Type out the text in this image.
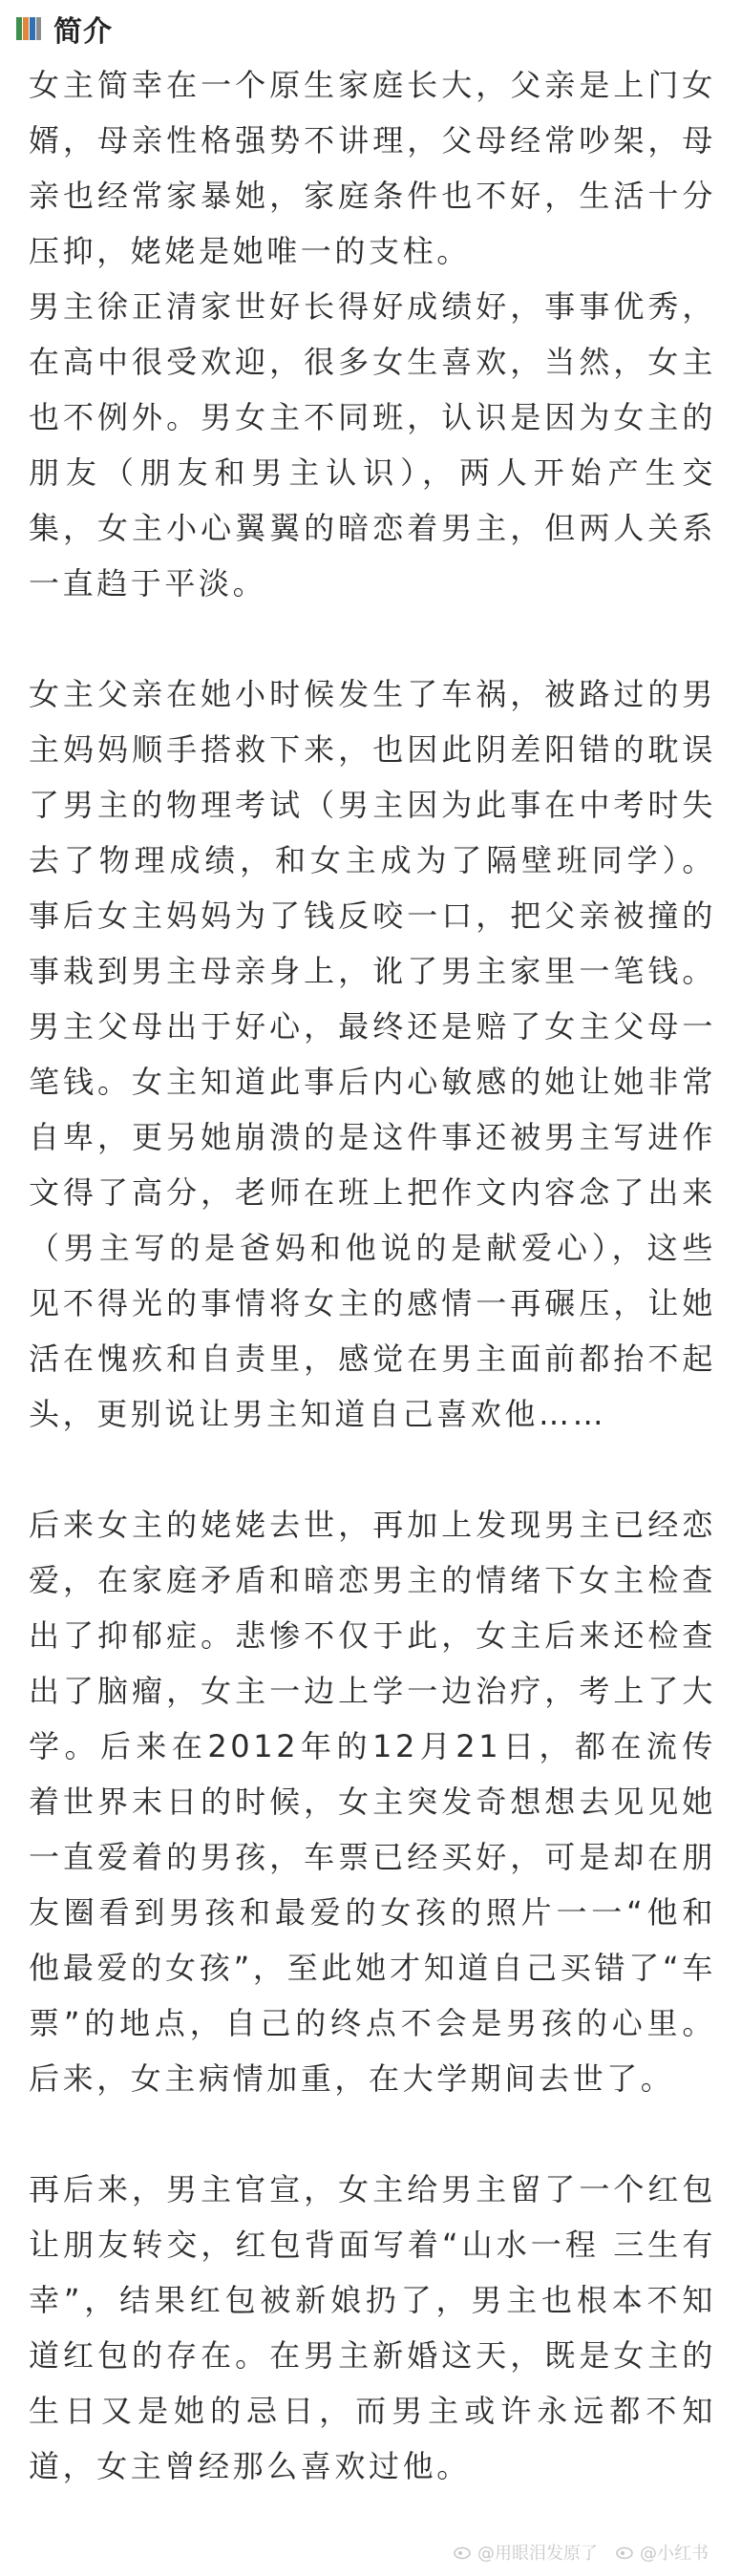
简介

女主简幸在一个原生家庭长大，父亲是上门女婿，母亲性格强势不讲理，父母经常吵架，母亲也经常家暴她，家庭条件也不好，生活十分压抑，姥姥是她唯一的支柱。

男主徐正清家世好长得好成绩好，事事优秀，在高中很受欢迎，很多女生喜欢，当然，女主也不例外。男女主不同班，认识是因为女主的朋友（朋友和男主认识），两人开始产生交集，女主小心翼翼的暗恋着男主，但两人关系一直趋于平淡。

女主父亲在她小时候发生了车祸，被路过的男主妈妈顺手搭救下来，也因此阴差阳错的耽误了男主的物理考试（男主因为此事在中考时失去了物理成绩，和女主成为了隔壁班同学）。事后女主妈妈为了钱反咬一口，把父亲被撞的事栽到男主母亲身上，讹了男主家里一笔钱。男主父母出于好心，最终还是赔了女主父母一笔钱。女主知道此事后内心敏感的她让她非常自卑，更另她崩溃的是这件事还被男主写进作文得了高分，老师在班上把作文内容念了出来（男主写的是爸妈和他说的是献爱心），这些见不得光的事情将女主的感情一再碾压，让她活在愧疚和自责里，感觉在男主面前都抬不起头，更别说让男主知道自己喜欢他……

后来女主的姥姥去世，再加上发现男主已经恋爱，在家庭矛盾和暗恋男主的情绪下女主检查出了抑郁症。悲惨不仅于此，女主后来还检查出了脑瘤，女主一边上学一边治疗，考上了大学。后来在2012年的12月21日，都在流传着世界末日的时候，女主突发奇想想去见见她一直爱着的男孩，车票已经买好，可是却在朋友圈看到男孩和最爱的女孩的照片一一“他和他最爱的女孩”，至此她才知道自己买错了“车票”的地点，自己的终点不会是男孩的心里。后来，女主病情加重，在大学期间去世了。

再后来，男主官宣，女主给男主留了一个红包让朋友转交，红包背面写着“山水一程 三生有幸”，结果红包被新娘扔了，男主也根本不知道红包的存在。在男主新婚这天，既是女主的生日又是她的忌日，而男主或许永远都不知道，女主曾经那么喜欢过他。

@用眼泪发原了 @小红书
